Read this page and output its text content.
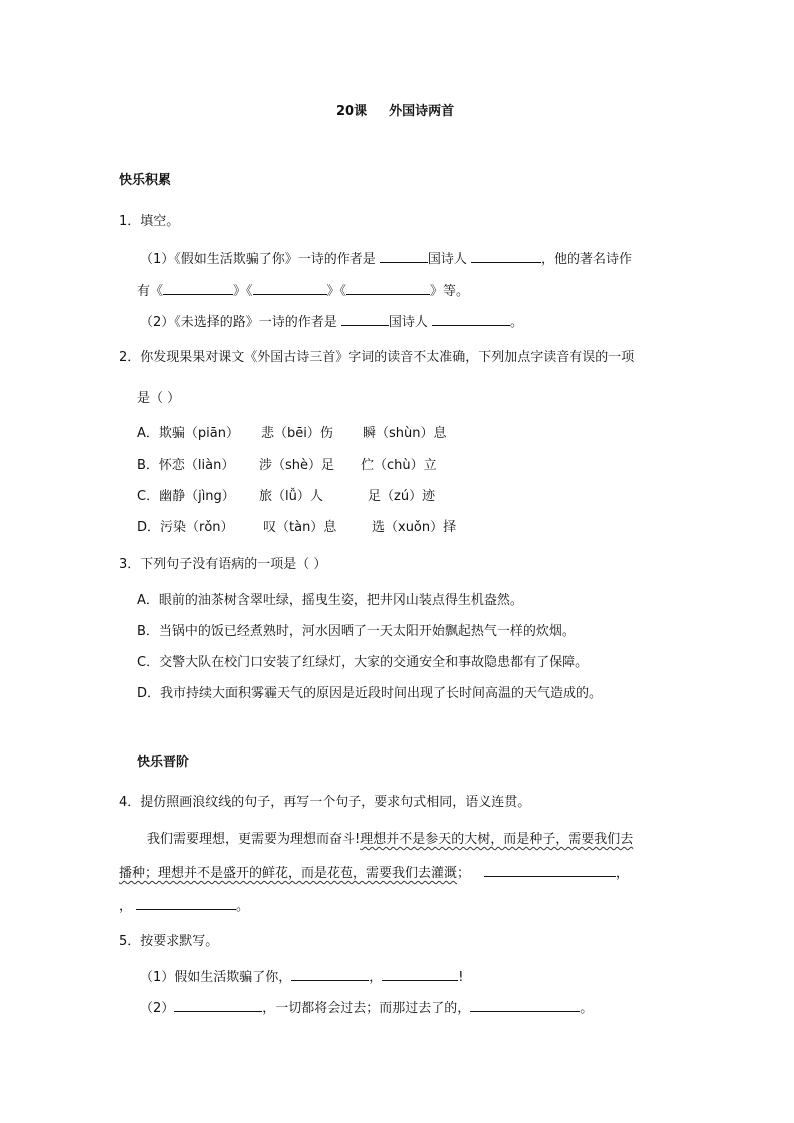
20课 外国诗两首
快乐积累
1．填空。
（1）《假如生活欺骗了你》一诗的作者是	国诗人	，他的著名诗作
有《	》《	》《	》等。
（2）《未选择的路》一诗的作者是	国诗人	。
2．你发现果果对课文《外国古诗三首》字词的读音不太准确，下列加点字读音有误的一项
是（ ）
A．欺骗（piān） 悲（bēi）伤 瞬（shùn）息
B．怀恋（liàn） 涉（shè）足 伫（chù）立
C．幽静（jìng） 旅（lǚ）人	足（zú）迹
D．污染（rǒn） 叹（tàn）息	选（xuǒn）择
3．下列句子没有语病的一项是（ ）
A．眼前的油茶树含翠吐绿，摇曳生姿，把井冈山装点得生机盎然。
B．当锅中的饭已经煮熟时，河水因晒了一天太阳开始飘起热气一样的炊烟。
C．交警大队在校门口安装了红绿灯，大家的交通安全和事故隐患都有了保障。
D．我市持续大面积雾霾天气的原因是近段时间出现了长时间高温的天气造成的。
快乐晋阶
4．提仿照画浪纹线的句子，再写一个句子，要求句式相同，语义连贯。
我们需要理想，更需要为理想而奋斗!理想并不是参天的大树，而是种子，需要我们去
播种；理想并不是盛开的鲜花，而是花苞，需要我们去灌溉；	，
，	。
5．按要求默写。
（1）假如生活欺骗了你，	，	!
（2）	，一切都将会过去；而那过去了的，	。
